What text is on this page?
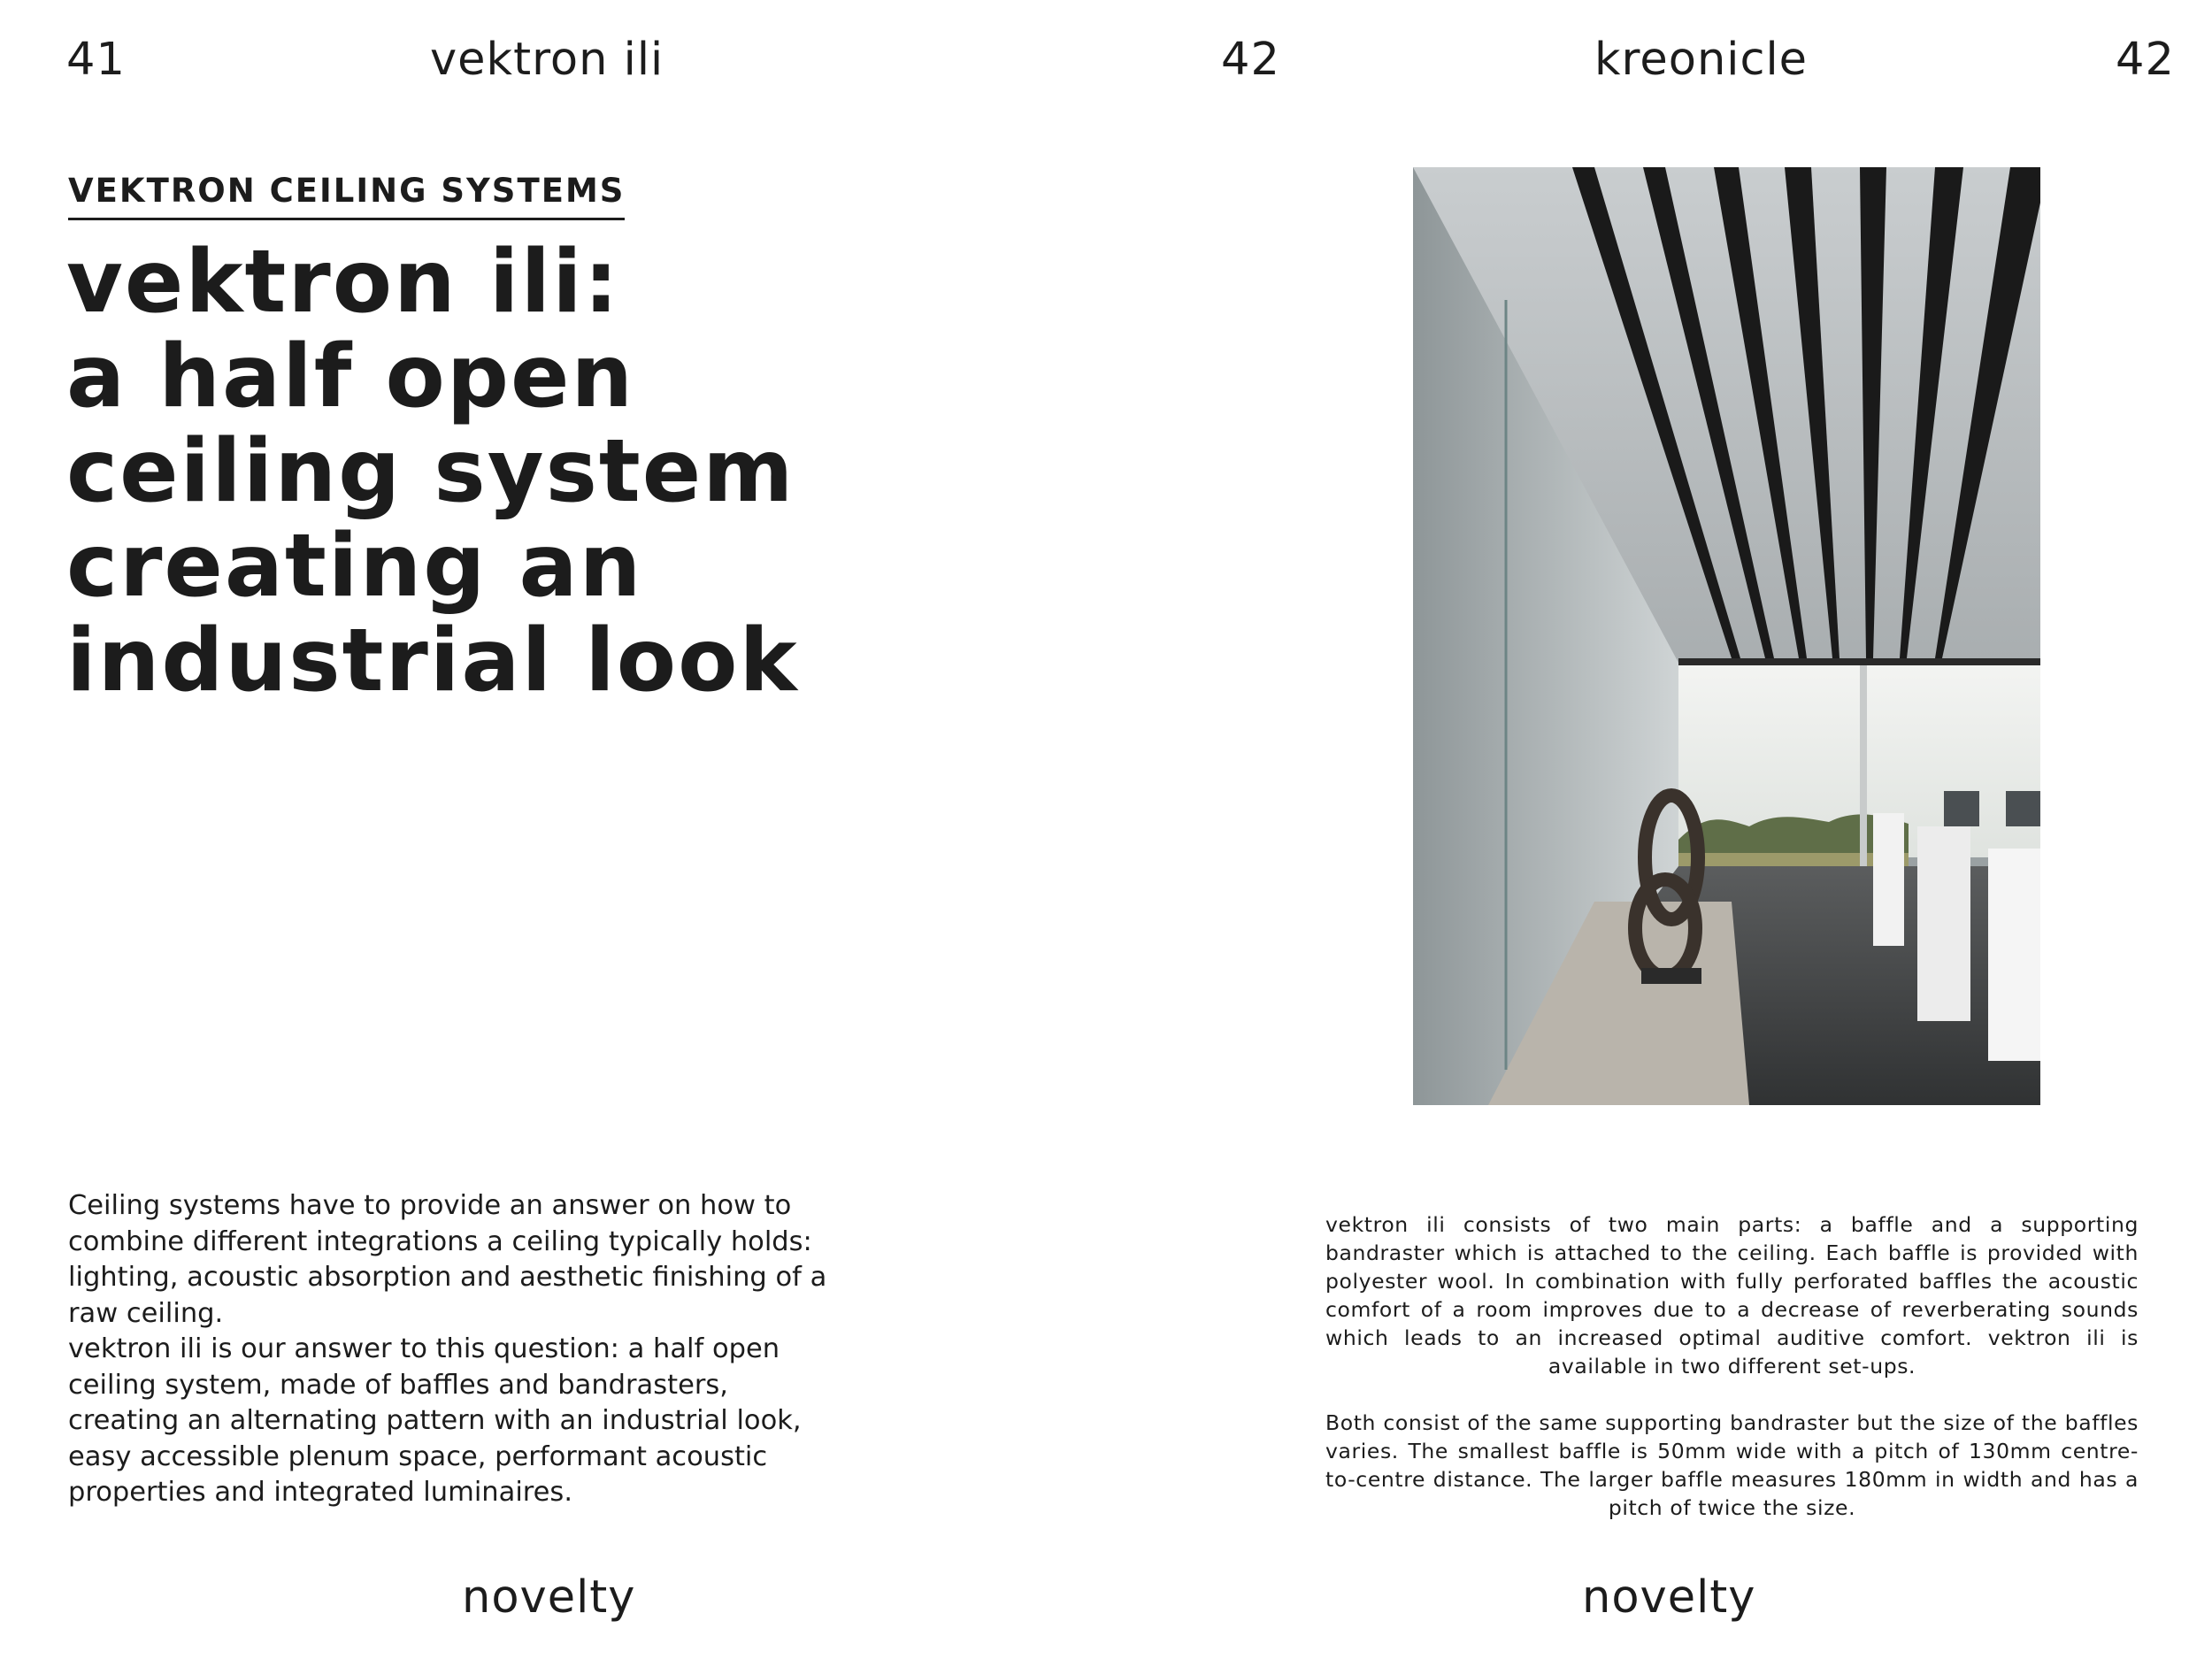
41	vektron ili	42	kreonicle	42
VEKTRON CEILING SYSTEMS
vektron ili:
a half open
ceiling system
creating an
industrial look

Ceiling systems have to provide an answer on how to combine different integrations a ceiling typically holds: lighting, acoustic absorption and aesthetic finishing of a raw ceiling.

vektron ili is our answer to this question: a half open ceiling system, made of baffles and bandrasters, creating an alternating pattern with an industrial look, easy accessible plenum space, performant acoustic properties and integrated luminaires.

novelty

vektron ili consists of two main parts: a baffle and a supporting bandraster which is attached to the ceiling. Each baffle is provided with polyester wool. In combination with fully perforated baffles the acoustic comfort of a room improves due to a decrease of reverberating sounds which leads to an increased optimal auditive comfort. vektron ili is available in two different set-ups.

Both consist of the same supporting bandraster but the size of the baffles varies. The smallest baffle is 50mm wide with a pitch of 130mm centre-to-centre distance. The larger baffle measures 180mm in width and has a pitch of twice the size.

novelty
